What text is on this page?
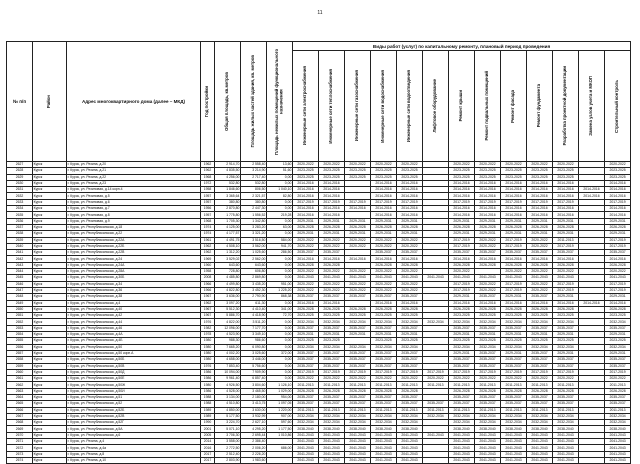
11
№ п/п	Район	Адрес многоквартирного дома (далее – МКД)	Год постройки	Общая площадь, кв.метров	Площадь жилых частей здания, кв. метров	Площадь нежилых помещений функционального назначения	Виды работ (услуг) по капитальному ремонту, плановый период проведения												

							Инженерные сети электроснабжения	Инженерные сети теплоснабжения	Инженерные сети газоснабжения	Инженерные сети водоснабжения	Инженерные сети водоотведения	Лифтовое оборудование	Ремонт крыши	Ремонт подвальных помещений	Ремонт фасада	Ремонт фундамента	Разработка проектной документации	Замена узлов учета и МКОП	Строительный контроль

2627	Курск	г. Курск, ул. Резина, д.20	1962	2 914,70	2 558,40	13,60	2020-2022	2020-2022	2020-2022	2020-2022	2020-2022		2020-2022	2020-2022	2020-2022	2020-2022	2020-2022		2020-2022
2628	Курск	г. Курск, ул. Резина, д.21	1962	4 835,50	3 214,90	51,60	2023-2025	2023-2025	2023-2025	2023-2025	2023-2025		2023-2025	2023-2025	2023-2025	2023-2025	2023-2025		2023-2025
2629	Курск	г. Курск, ул. Резина, д.22	1968	4 256,00	2 717,40	0,00	2023-2025	2023-2025	2023-2025	2023-2025	2023-2025		2023-2025	2023-2025	2023-2025	2023-2025	2023-2025		2023-2025
2630	Курск	г. Курск, ул. Резина, д.23	1972	532,80	532,80	0,00	2014-2016	2014-2016		2014-2016	2014-2016		2014-2016	2014-2016	2014-2016	2014-2016	2014-2016		2014-2016
2631	Курск	г. Курск, ул. Резиновая, д.14 корп.4	1958	1 846,60	806,50	1 040,10	2014-2016	2014-2016		2014-2016	2014-2016		2014-2016	2014-2016	2014-2016	2014-2016	2014-2016	2014-2016	2014-2016
2632	Курск	г. Курск, ул. Резиновая, д.5	1957	3 365,64	2 321,57	82,80	2014-2016	2014-2016		2014-2016	2014-2016		2014-2016	2014-2016	2014-2016	2014-2016	2014-2016	2014-2016	2014-2016
2633	Курск	г. Курск, ул. Резиновая, д.6	1957	380,80	380,80	0,00	2017-2019	2017-2019	2017-2019	2017-2019	2017-2019		2017-2019	2017-2019	2017-2019	2017-2019	2017-2019		2017-2019
2634	Курск	г. Курск, ул. Резиновая, д.7	1956	2 870,80	2 447,30	0,00	2014-2016	2014-2016	2014-2016	2014-2016	2014-2016		2014-2016	2014-2016	2014-2016	2014-2016	2014-2016		2014-2016
2635	Курск	г. Курск, ул. Резиновая, д.8	1957	1 775,80	1 556,52	219,28	2014-2016	2014-2016		2014-2016	2014-2016		2014-2016	2014-2016	2014-2016	2014-2016	2014-2016		2014-2016
2636	Курск	г. Курск, ул. Резиновая, д.9	1968	1 705,30	1 342,80	0,00	2029-2031	2029-2031	2029-2031	2029-2031	2029-2031		2029-2031	2029-2031	2029-2031	2029-2031	2029-2031		2029-2031
2637	Курск	г. Курск, ул. Республиканская, д.18	1974	4 125,00	3 283,20	63,00	2026-2028	2026-2028	2026-2028	2026-2028	2026-2028		2026-2028	2026-2028	2026-2028	2026-2028	2026-2028		2026-2028
2638	Курск	г. Курск, ул. Республиканская, д.22	1974	4 177,57	3 321,20	0,00	2029-2031	2029-2031	2029-2031	2029-2031	2029-2031		2029-2031	2029-2031	2029-2031	2029-2031	2029-2031		2029-2031
2639	Курск	г. Курск, ул. Республиканская, д.22А	1961	4 491,75	3 516,50	584,00	2020-2022	2020-2022	2020-2022	2020-2022	2020-2022		2017-2019	2020-2022	2017-2019	2020-2022	2011-2013		2017-2019
2640	Курск	г. Курск, ул. Республиканская, д.22Б	1962	4 508,10	3 562,00	941,70	2020-2022	2020-2022	2020-2022	2020-2022	2020-2022		2017-2019	2020-2022	2017-2019	2020-2022	2017-2019		2017-2019
2641	Курск	г. Курск, ул. Республиканская, д.22В	1962	1 312,20	1 025,60	286,50	2035-2037	2035-2037		2035-2037	2035-2037		2035-2037	2035-2037	2035-2037	2035-2037	2035-2037		2035-2037
2642	Курск	г. Курск, ул. Республиканская, д.24	1969	3 529,02	2 562,00	0,00	2014-2016	2014-2016	2014-2016	2014-2016	2014-2016		2014-2016	2014-2016	2014-2016	2014-2016	2014-2016		2014-2016
2643	Курск	г. Курск, ул. Республиканская, д.24А	1960	643,60	643,60	0,00	2026-2028	2026-2028		2026-2028	2026-2028		2026-2028	2026-2028	2026-2028	2026-2028	2026-2028		2026-2028
2644	Курск	г. Курск, ул. Республиканская, д.28А	1958	728,80	606,80	0,00	2020-2022	2020-2022	2020-2022	2020-2022	2020-2022		2020-2022		2020-2022	2020-2022	2020-2022		2020-2022
2645	Курск	г. Курск, ул. Республиканская, д.30Б	2008	4 485,80	2 869,80	0,00	2041-2043	2041-2043	2041-2043	2041-2043	2041-2043	2041-2043	2041-2043	2041-2043	2041-2043	2041-2043	2041-2043		2041-2043
2646	Курск	г. Курск, ул. Республиканская, д.34	1966	4 499,80	3 435,20	951,00	2020-2022	2020-2022	2020-2022	2020-2022	2020-2022		2017-2019	2020-2022	2017-2019	2020-2022	2017-2019		2017-2019
2647	Курск	г. Курск, ул. Республиканская, д.36	1966	4 822,80	3 452,30	1 225,20	2020-2022	2020-2022	2020-2022	2020-2022	2020-2022		2017-2019	2020-2022	2017-2019	2020-2022	2017-2019		2017-2019
2648	Курск	г. Курск, ул. Республиканская, д.38	1967	3 636,00	2 790,90	868,38	2035-2037	2035-2037	2035-2037	2035-2037	2035-2037		2029-2031	2035-2037	2029-2031	2035-2037	2029-2031		2029-2031
2649	Курск	г. Курск, ул. Республиканская, д.4	1962	3 097,20	611,30	0,00	2014-2016	2014-2016		2014-2016	2014-2016		2014-2016	2014-2016	2014-2016	2014-2016	2014-2016	2014-2016	2014-2016
2650	Курск	г. Курск, ул. Республиканская, д.40	1967	5 512,30	4 410,40	341,00	2026-2028	2026-2028	2026-2028	2026-2028	2026-2028		2026-2028	2026-2028	2026-2028	2026-2028	2026-2028		2026-2028
2651	Курск	г. Курск, ул. Республиканская, д.42	1967	5 886,70	4 418,90	72,70	2023-2025	2023-2025	2023-2025	2023-2025	2023-2025		2023-2025	2023-2025	2023-2025	2023-2025	2023-2025		2023-2025
2652	Курск	г. Курск, ул. Республиканская, д.44	1976	4 822,00	3 511,20	0,00	2032-2034	2032-2034	2032-2034	2032-2034	2032-2034	2032-2034	2032-2034	2032-2034	2032-2034	2032-2034	2032-2034		2032-2034
2653	Курск	г. Курск, ул. Республиканская, д.46	1982	12 096,00	7 177,70	0,00	2035-2037	2035-2037	2035-2037	2035-2037	2035-2037		2035-2037	2035-2037	2035-2037	2035-2037	2035-2037		2035-2037
2654	Курск	г. Курск, ул. Республиканская, д.4А	1978	4 523,90	3 349,10	0,00	2029-2031	2029-2031	2029-2031	2029-2031	2029-2031		2029-2031	2029-2031	2029-2031	2029-2031	2029-2031		2029-2031
2655	Курск	г. Курск, ул. Республиканская, д.4Б	1980	988,30	986,60	0,00	2023-2025	2023-2025		2023-2025	2023-2025		2023-2025	2023-2025	2023-2025	2023-2025	2023-2025		2023-2025
2656	Курск	г. Курск, ул. Республиканская, д.50	1980	7 665,20	6 090,80	0,00	2032-2034	2032-2034	2032-2034	2032-2034	2032-2034		2032-2034	2032-2034	2032-2034	2032-2034	2032-2034		2032-2034
2657	Курск	г. Курск, ул. Республиканская, д.50 корп.А	1980	4 002,20	3 025,60	372,00	2035-2037	2035-2037	2035-2037	2035-2037	2035-2037		2029-2031	2035-2037	2029-2031	2035-2037	2029-2031		2029-2031
2658	Курск	г. Курск, ул. Республиканская, д.50Б	1980	4 658,00	3 446,00	0,00	2035-2037	2035-2037	2035-2037	2035-2037	2035-2037		2035-2037	2035-2037	2035-2037	2035-2037	2035-2037		2035-2037
2659	Курск	г. Курск, ул. Республиканская, д.50В	1976	7 853,40	5 756,60	0,00	2035-2037	2035-2037	2035-2037	2035-2037	2035-2037		2035-2037	2035-2037	2035-2037	2035-2037	2035-2037		2035-2037
2660	Курск	г. Курск, ул. Республиканская, д.50Д	1986	10 094,00	7 909,90	0,00	2017-2019	2017-2019	2017-2019	2017-2019	2017-2019	2017-2019	2017-2019	2017-2019	2017-2019	2017-2019	2017-2019		2017-2019
2661	Курск	г. Курск, ул. Республиканская, д.50Е	1986	9 961,40	6 857,40	0,00	2020-2022	2020-2022	2020-2022	2020-2022	2020-2022	2020-2022	2020-2022	2020-2022	2020-2022	2020-2022	2020-2022		2020-2022
2662	Курск	г. Курск, ул. Республиканская, д.50Ж	1980	4 926,50	3 804,60	1 126,10	2011-2013	2011-2013	2011-2013	2011-2013	2011-2013	2011-2013	2011-2013	2011-2013	2011-2013	2011-2013	2011-2013		2011-2013
2663	Курск	г. Курск, ул. Республиканская, д.50И	1986	4 528,00	3 465,50	1 029,00	2026-2028	2026-2028	2026-2028	2026-2028	2026-2028		2026-2028	2026-2028	2026-2028	2026-2028	2026-2028		2026-2028
2664	Курск	г. Курск, ул. Республиканская, д.51	1988	3 134,00	2 180,00	954,00	2035-2037	2035-2037	2035-2037	2035-2037	2035-2037		2035-2037	2035-2037	2035-2037	2035-2037	2035-2037		2035-2037
2665	Курск	г. Курск, ул. Республиканская, д.52	1988	4 510,80	3 413,75	1 097,05	2035-2037	2035-2037	2035-2037	2035-2037	2035-2037	2035-2037	2035-2037	2035-2037	2035-2037	2035-2037	2035-2037		2035-2037
2666	Курск	г. Курск, ул. Республиканская, д.52Б	1989	4 850,00	3 630,00	1 220,00	2011-2013	2011-2013	2011-2013	2011-2013	2011-2013	2011-2013	2011-2013	2011-2013	2011-2013	2011-2013	2011-2013		2011-2013
2667	Курск	г. Курск, ул. Республиканская, д.52В	1989	5 177,50	3 932,99	907,00	2032-2034	2032-2034	2032-2034	2032-2034	2032-2034	2032-2034	2032-2034	2032-2034	2032-2034	2032-2034	2032-2034		2032-2034
2668	Курск	г. Курск, ул. Республиканская, д.52Г	1990	3 224,70	2 627,10	597,60	2032-2034	2032-2034	2032-2034	2032-2034	2032-2034		2032-2034	2032-2034	2032-2034	2032-2034	2032-2034		2032-2034
2669	Курск	г. Курск, ул. Республиканская, д.5А	2001	5 071,10	4 295,20	1 177,50	2038-2040	2038-2040	2038-2040	2038-2040	2038-2040		2038-2040	2038-2040	2038-2040	2038-2040	2038-2040		2038-2040
2670	Курск	г. Курск, ул. Республиканская, д.6	2005	3 706,30	2 695,44	1 010,86	2041-2043	2041-2043	2041-2043	2041-2043	2041-2043	2041-2043	2041-2043	2041-2043	2041-2043	2041-2043	2041-2043		2041-2043
2671	Курск	г. Курск, ул. Резина, д.4	2014	3 558,00	2 386,40		2041-2043	2041-2043	2041-2043	2041-2043	2041-2043		2041-2043	2041-2043	2041-2043	2041-2043	2041-2043		2041-2043
2672	Курск	г. Курск, ул. Резина, д.4а	2016	2 772,50	2 006,20	686,00	2041-2043	2041-2043	2041-2043	2041-2043	2041-2043		2041-2043	2041-2043	2041-2043	2041-2043	2041-2043		2041-2043
2673	Курск	г. Курск, ул. Резина, д.8	2017	2 512,40	2 226,20		2041-2043	2041-2043	2041-2043	2041-2043	2041-2043		2041-2043	2041-2043	2041-2043	2041-2043	2041-2043		2041-2043
2674	Курск	г. Курск, ул. Резина, д.10	2017	2 803,90	1 983,60		2041-2043	2041-2043	2041-2043	2041-2043	2041-2043		2041-2043	2041-2043	2041-2043	2041-2043	2041-2043		2041-2043
